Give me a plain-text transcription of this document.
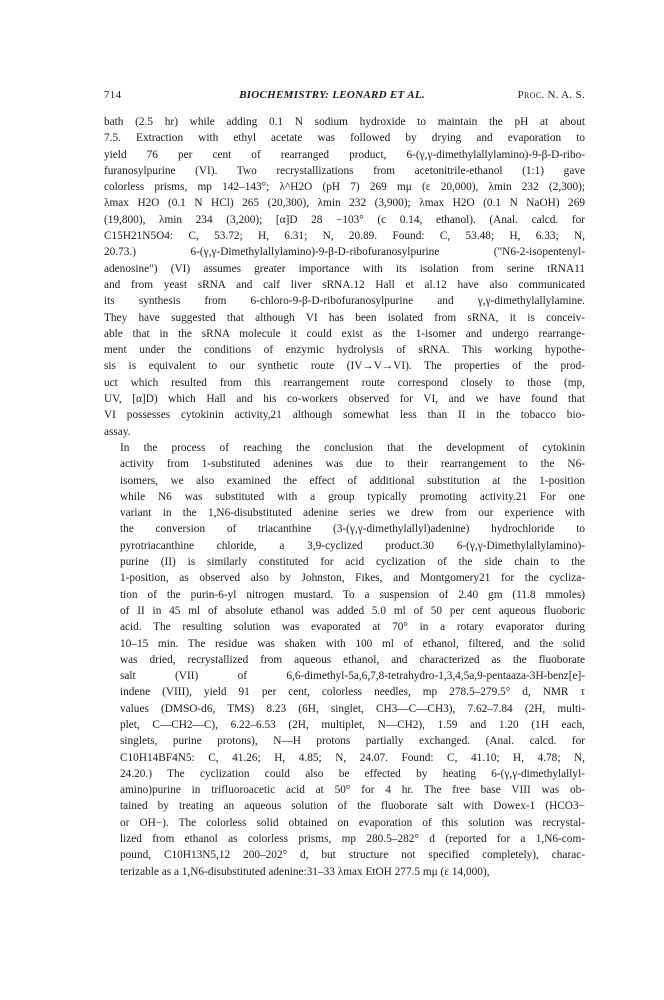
714	BIOCHEMISTRY: LEONARD ET AL.	Proc. N. A. S.

bath (2.5 hr) while adding 0.1 N sodium hydroxide to maintain the pH at about
7.5. Extraction with ethyl acetate was followed by drying and evaporation to
yield 76 per cent of rearranged product, 6-(γ,γ-dimethylallylamino)-9-β-D-ribo-
furanosylpurine (VI). Two recrystallizations from acetonitrile-ethanol (1:1) gave
colorless prisms, mp 142–143°; λ^H2O (pH 7) 269 mμ (ε 20,000), λmin 232 (2,300);
λmax H2O (0.1 N HCl) 265 (20,300), λmin 232 (3,900); λmax H2O (0.1 N NaOH) 269
(19,800), λmin 234 (3,200); [α]D 28 −103° (c 0.14, ethanol). (Anal. calcd. for
C15H21N5O4: C, 53.72; H, 6.31; N, 20.89. Found: C, 53.48; H, 6.33; N,
20.73.) 6-(γ,γ-Dimethylallylamino)-9-β-D-ribofuranosylpurine ("N6-2-isopentenyl-
adenosine") (VI) assumes greater importance with its isolation from serine tRNA11
and from yeast sRNA and calf liver sRNA.12 Hall et al.12 have also communicated
its synthesis from 6-chloro-9-β-D-ribofuranosylpurine and γ,γ-dimethylallylamine.
They have suggested that although VI has been isolated from sRNA, it is conceiv-
able that in the sRNA molecule it could exist as the 1-isomer and undergo rearrange-
ment under the conditions of enzymic hydrolysis of sRNA. This working hypothe-
sis is equivalent to our synthetic route (IV→V→VI). The properties of the prod-
uct which resulted from this rearrangement route correspond closely to those (mp,
UV, [α]D) which Hall and his co-workers observed for VI, and we have found that
VI possesses cytokinin activity,21 although somewhat less than II in the tobacco bio-
assay.

In the process of reaching the conclusion that the development of cytokinin
activity from 1-substituted adenines was due to their rearrangement to the N6-
isomers, we also examined the effect of additional substitution at the 1-position
while N6 was substituted with a group typically promoting activity.21 For one
variant in the 1,N6-disubstituted adenine series we drew from our experience with
the conversion of triacanthine (3-(γ,γ-dimethylallyl)adenine) hydrochloride to
pyrotriacanthine chloride, a 3,9-cyclized product.30 6-(γ,γ-Dimethylallylamino)-
purine (II) is similarly constituted for acid cyclization of the side chain to the
1-position, as observed also by Johnston, Fikes, and Montgomery21 for the cycliza-
tion of the purin-6-yl nitrogen mustard. To a suspension of 2.40 gm (11.8 mmoles)
of II in 45 ml of absolute ethanol was added 5.0 ml of 50 per cent aqueous fluoboric
acid. The resulting solution was evaporated at 70° in a rotary evaporator during
10–15 min. The residue was shaken with 100 ml of ethanol, filtered, and the solid
was dried, recrystallized from aqueous ethanol, and characterized as the fluoborate
salt (VII) of 6,6-dimethyl-5a,6,7,8-tetrahydro-1,3,4,5a,9-pentaaza-3H-benz[e]-
indene (VIII), yield 91 per cent, colorless needles, mp 278.5–279.5° d, NMR τ
values (DMSO-d6, TMS) 8.23 (6H, singlet, CH3—C—CH3), 7.62–7.84 (2H, multi-
plet, C—CH2—C), 6.22–6.53 (2H, multiplet, N—CH2), 1.59 and 1.20 (1H each,
singlets, purine protons), N—H protons partially exchanged. (Anal. calcd. for
C10H14BF4N5: C, 41.26; H, 4.85; N, 24.07. Found: C, 41.10; H, 4.78; N,
24.20.) The cyclization could also be effected by heating 6-(γ,γ-dimethylallyl-
amino)purine in trifluoroacetic acid at 50° for 4 hr. The free base VIII was ob-
tained by treating an aqueous solution of the fluoborate salt with Dowex-1 (HCO3−
or OH−). The colorless solid obtained on evaporation of this solution was recrystal-
lized from ethanol as colorless prisms, mp 280.5–282° d (reported for a 1,N6-com-
pound, C10H13N5,12 200–202° d, but structure not specified completely), charac-
terizable as a 1,N6-disubstituted adenine:31–33 λmax EtOH 277.5 mμ (ε 14,000),
